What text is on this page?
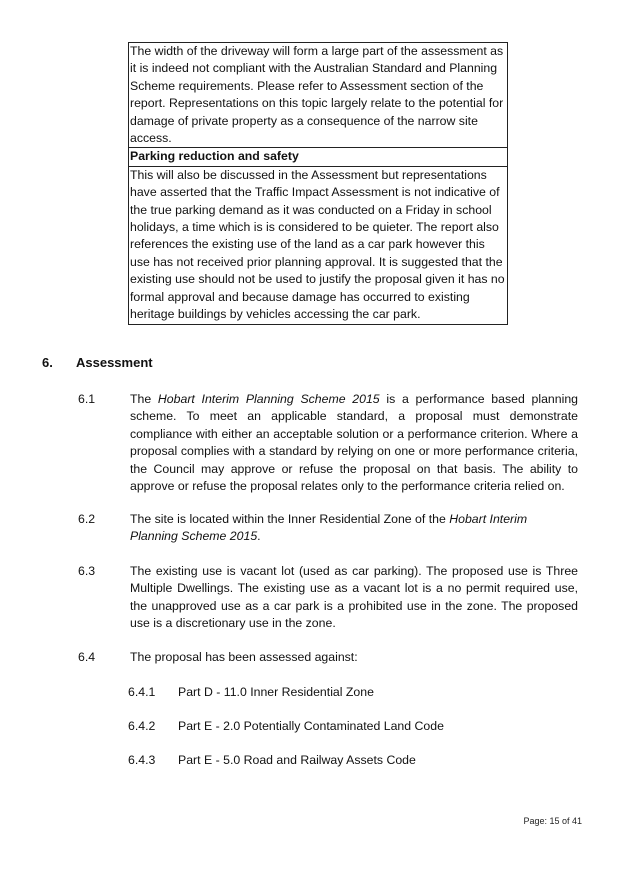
The width of the driveway will form a large part of the assessment as it is indeed not compliant with the Australian Standard and Planning Scheme requirements. Please refer to Assessment section of the report. Representations on this topic largely relate to the potential for damage of private property as a consequence of the narrow site access.
Parking reduction and safety
This will also be discussed in the Assessment but representations have asserted that the Traffic Impact Assessment is not indicative of the true parking demand as it was conducted on a Friday in school holidays, a time which is is considered to be quieter. The report also references the existing use of the land as a car park however this use has not received prior planning approval. It is suggested that the existing use should not be used to justify the proposal given it has no formal approval and because damage has occurred to existing heritage buildings by vehicles accessing the car park.
6. Assessment
6.1	The Hobart Interim Planning Scheme 2015 is a performance based planning scheme. To meet an applicable standard, a proposal must demonstrate compliance with either an acceptable solution or a performance criterion. Where a proposal complies with a standard by relying on one or more performance criteria, the Council may approve or refuse the proposal on that basis. The ability to approve or refuse the proposal relates only to the performance criteria relied on.
6.2	The site is located within the Inner Residential Zone of the Hobart Interim Planning Scheme 2015.
6.3	The existing use is vacant lot (used as car parking). The proposed use is Three Multiple Dwellings. The existing use as a vacant lot is a no permit required use, the unapproved use as a car park is a prohibited use in the zone. The proposed use is a discretionary use in the zone.
6.4	The proposal has been assessed against:
6.4.1 Part D - 11.0 Inner Residential Zone
6.4.2 Part E - 2.0 Potentially Contaminated Land Code
6.4.3 Part E - 5.0 Road and Railway Assets Code
Page: 15 of 41
